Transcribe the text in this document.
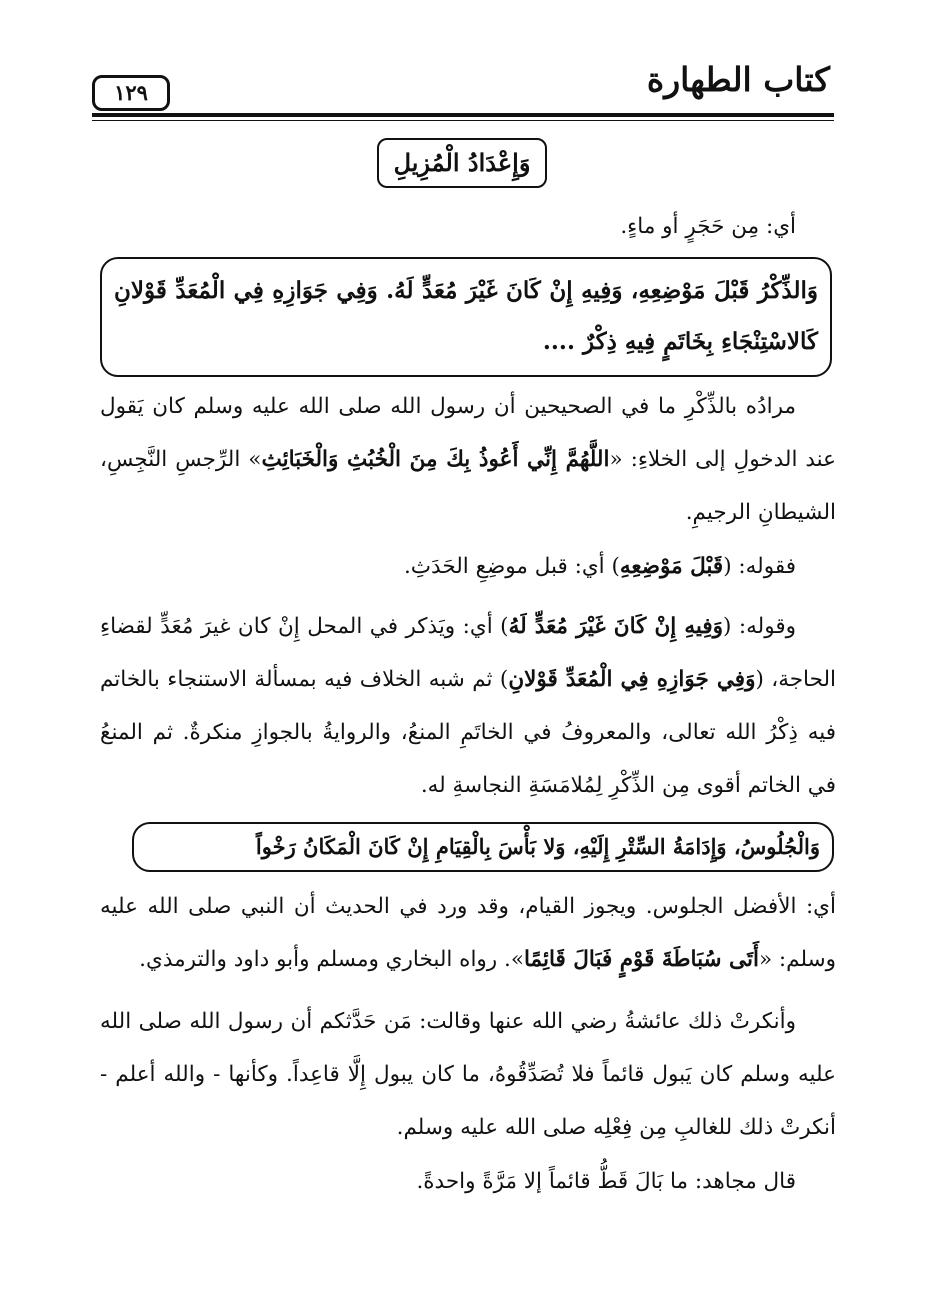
كتاب الطهارة
١٢٩
وَإِعْدَادُ الْمُزِيلِ

أي: مِن حَجَرٍ أو ماءٍ.

وَالذِّكْرُ قَبْلَ مَوْضِعِهِ، وَفِيهِ إِنْ كَانَ غَيْرَ مُعَدٍّ لَهُ. وَفِي جَوَازِهِ فِي الْمُعَدِّ قَوْلانِ كَالاسْتِنْجَاءِ بِخَاتَمٍ فِيهِ ذِكْرٌ ....

مرادُه بالذِّكْرِ ما في الصحيحين أن رسول الله صلى الله عليه وسلم كان يَقول عند الدخولِ إلى الخلاءِ: «اللَّهُمَّ إِنِّي أَعُوذُ بِكَ مِنَ الْخُبُثِ وَالْخَبَائِثِ» الرِّجسِ النَّجِسِ، الشيطانِ الرجيمِ.

فقوله: (قَبْلَ مَوْضِعِهِ) أي: قبل موضِعِ الحَدَثِ.

وقوله: (وَفِيهِ إِنْ كَانَ غَيْرَ مُعَدٍّ لَهُ) أي: ويَذكر في المحل إِنْ كان غيرَ مُعَدٍّ لقضاءِ الحاجة، (وَفِي جَوَازِهِ فِي الْمُعَدِّ قَوْلانِ) ثم شبه الخلاف فيه بمسألة الاستنجاء بالخاتم فيه ذِكْرُ الله تعالى، والمعروفُ في الخاتَمِ المنعُ، والروايةُ بالجوازِ منكرةٌ. ثم المنعُ في الخاتم أقوى مِن الذِّكْرِ لِمُلامَسَةِ النجاسةِ له.

وَالْجُلُوسُ، وَإِدَامَةُ السِّتْرِ إِلَيْهِ، وَلا بَأْسَ بِالْقِيَامِ إِنْ كَانَ الْمَكَانُ رَخْواً

أي: الأفضل الجلوس. ويجوز القيام، وقد ورد في الحديث أن النبي صلى الله عليه وسلم: «أَتَى سُبَاطَةَ قَوْمٍ فَبَالَ قَائِمًا». رواه البخاري ومسلم وأبو داود والترمذي.

وأنكرتْ ذلك عائشةُ رضي الله عنها وقالت: مَن حَدَّثكم أن رسول الله صلى الله عليه وسلم كان يَبول قائماً فلا تُصَدِّقُوهُ، ما كان يبول إِلَّا قاعِداً. وكأنها - والله أعلم - أنكرتْ ذلك للغالبِ مِن فِعْلِه صلى الله عليه وسلم.

قال مجاهد: ما بَالَ قَطُّ قائماً إلا مَرَّةً واحدةً.
